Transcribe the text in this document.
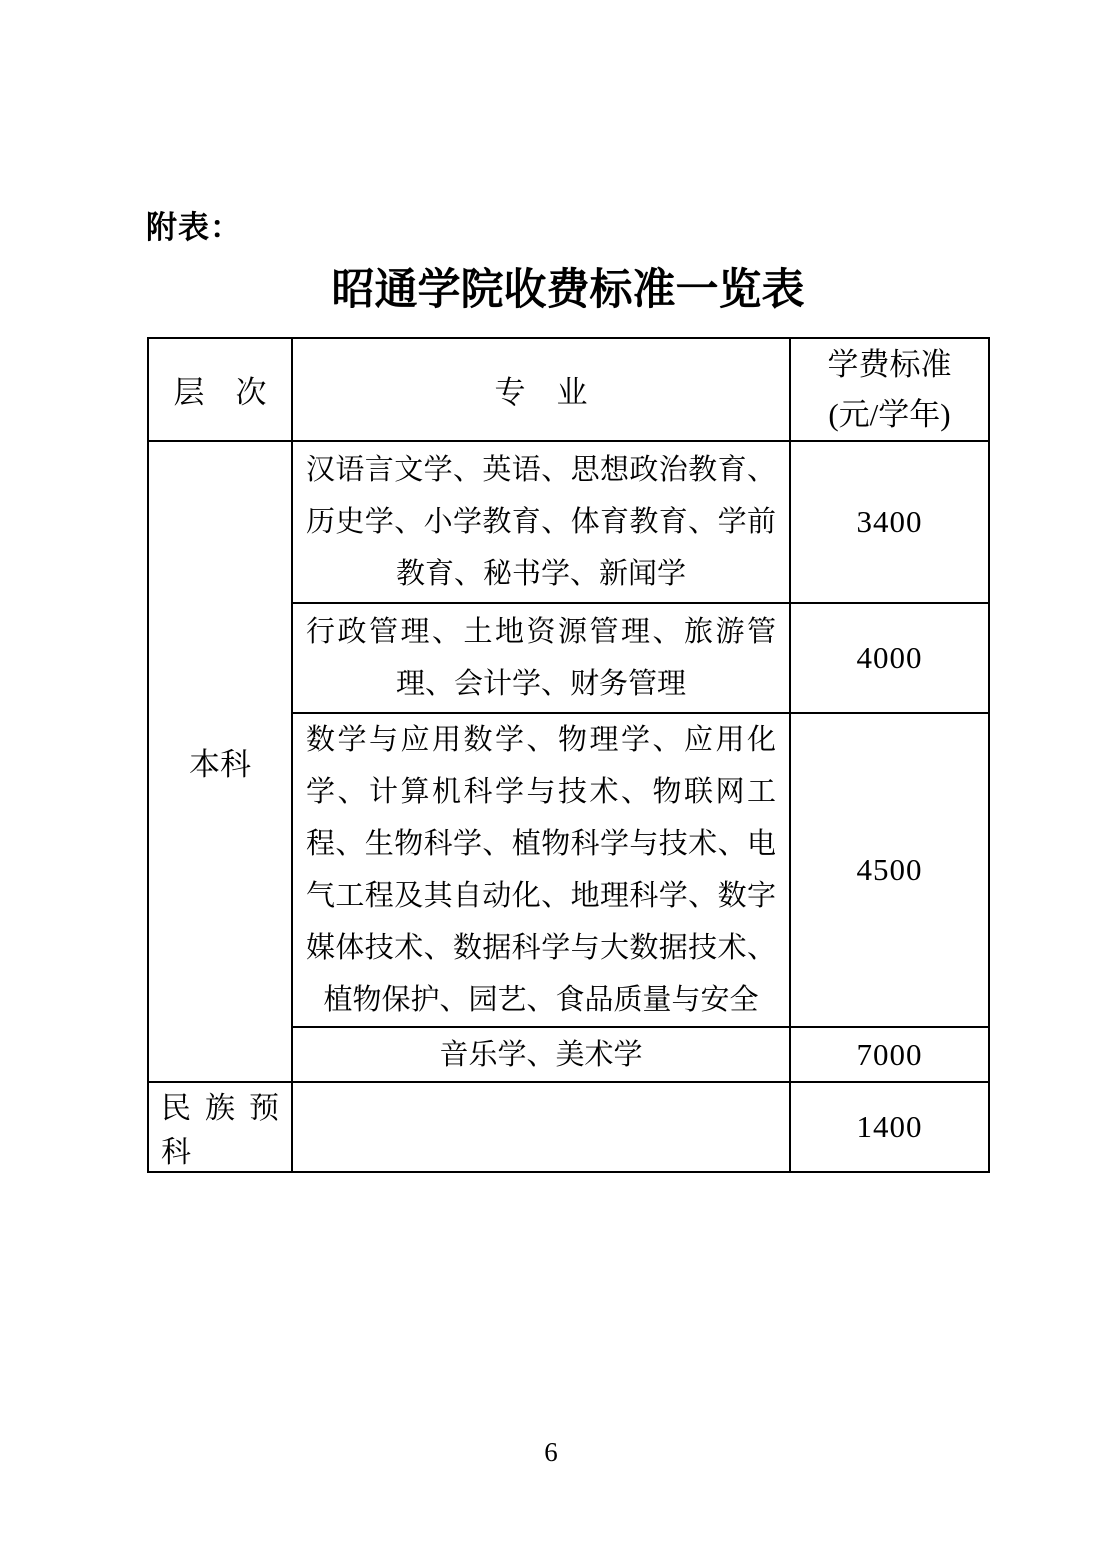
附表：
昭通学院收费标准一览表
层　次	专　业	学费标准
(元/学年)

本科	汉语言文学、英语、思想政治教育、历史学、小学教育、体育教育、学前教育、秘书学、新闻学	3400
	行政管理、土地资源管理、旅游管理、会计学、财务管理	4000
	数学与应用数学、物理学、应用化学、计算机科学与技术、物联网工程、生物科学、植物科学与技术、电气工程及其自动化、地理科学、数字媒体技术、数据科学与大数据技术、植物保护、园艺、食品质量与安全	4500
	音乐学、美术学	7000
民族预科		1400
6
